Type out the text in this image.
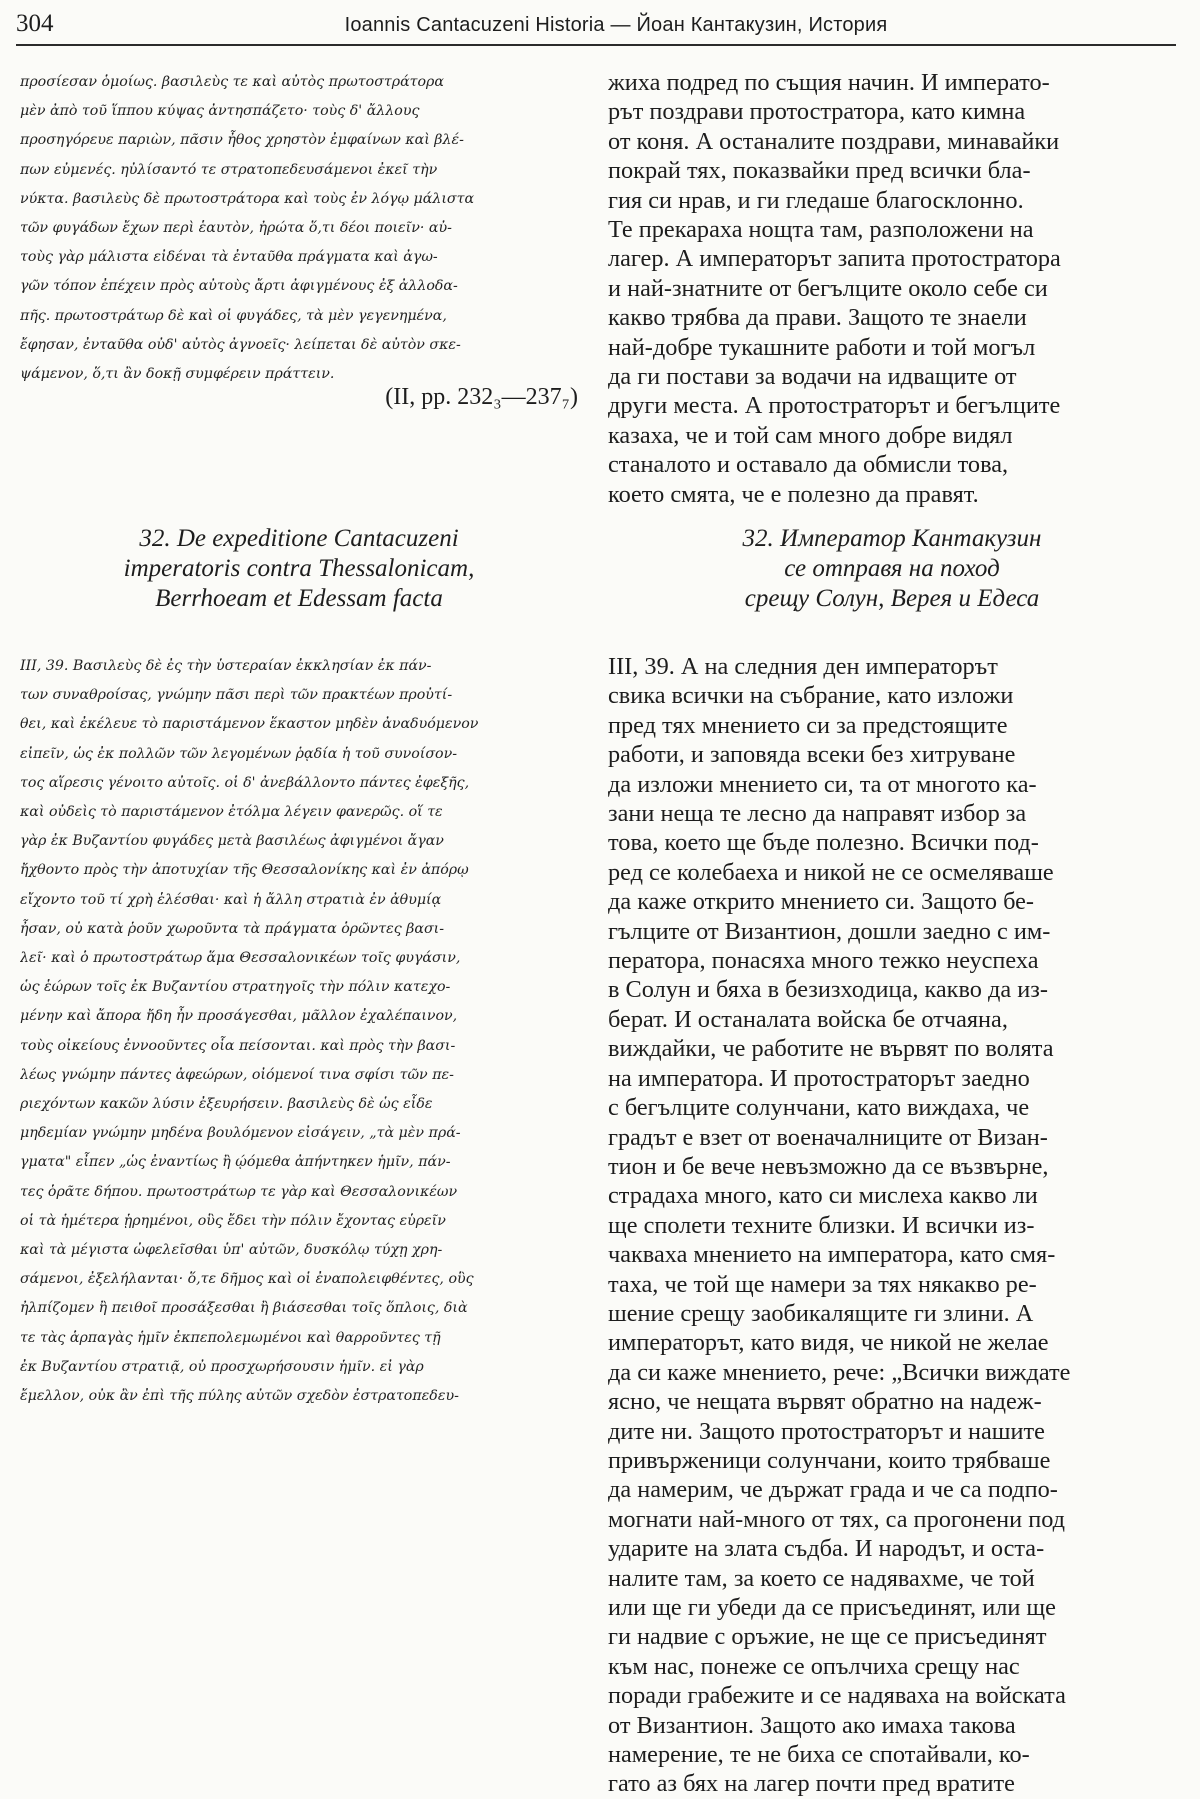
304	Ioannis Cantacuzeni Historia — Йоан Кантакузин, История
προσίεσαν ὁμοίως. βασιλεὺς τε καὶ αὐτὸς πρωτοστράτορα
μὲν ἀπὸ τοῦ ἵππου κύψας ἀντησπάζετο· τοὺς δ' ἄλλους
προσηγόρευε παριὼν, πᾶσιν ἦθος χρηστὸν ἐμφαίνων καὶ βλέ-
πων εὐμενές. ηὐλίσαντό τε στρατοπεδευσάμενοι ἐκεῖ τὴν
νύκτα. βασιλεὺς δὲ πρωτοστράτορα καὶ τοὺς ἐν λόγῳ μάλιστα
τῶν φυγάδων ἔχων περὶ ἑαυτὸν, ἠρώτα ὅ,τι δέοι ποιεῖν· αὐ-
τοὺς γὰρ μάλιστα εἰδέναι τὰ ἐνταῦθα πράγματα καὶ ἀγω-
γῶν τόπον ἐπέχειν πρὸς αὐτοὺς ἄρτι ἀφιγμένους ἐξ ἀλλοδα-
πῆς. πρωτοστράτωρ δὲ καὶ οἱ φυγάδες, τὰ μὲν γεγενημένα,
ἔφησαν, ἐνταῦθα οὐδ' αὐτὸς ἀγνοεῖς· λείπεται δὲ αὐτὸν σκε-
ψάμενον, ὅ,τι ἂν δοκῇ συμφέρειν πράττειν.
(II, pp. 232₃—237₇)
жиха подред по същия начин. И императо-
рът поздрави протостратора, като кимна
от коня. А останалите поздрави, минавайки
покрай тях, показвайки пред всички бла-
гия си нрав, и ги гледаше благосклонно.
Те прекараха нощта там, разположени на
лагер. А императорът запита протостратора
и най-знатните от бегълците около себе си
какво трябва да прави. Защото те знаели
най-добре тукашните работи и той могъл
да ги постави за водачи на идващите от
други места. А протостраторът и бегълците
казаха, че и той сам много добре видял
станалото и оставало да обмисли това,
което смята, че е полезно да правят.
32. De expeditione Cantacuzeni
imperatoris contra Thessalonicam,
Berrhoeam et Edessam facta
32. Император Кантакузин
се отправя на поход
срещу Солун, Верея и Едеса
III, 39. Βασιλεὺς δὲ ἐς τὴν ὑστεραίαν ἐκκλησίαν ἐκ πάν-
των συναθροίσας, γνώμην πᾶσι περὶ τῶν πρακτέων προὐτί-
θει, καὶ ἐκέλευε τὸ παριστάμενον ἕκαστον μηδὲν ἀναδυόμενον
εἰπεῖν, ὡς ἐκ πολλῶν τῶν λεγομένων ῥᾳδία ἡ τοῦ συνοίσον-
τος αἵρεσις γένοιτο αὐτοῖς. οἱ δ' ἀνεβάλλοντο πάντες ἐφεξῆς,
καὶ οὐδεὶς τὸ παριστάμενον ἐτόλμα λέγειν φανερῶς. οἵ τε
γὰρ ἐκ Βυζαντίου φυγάδες μετὰ βασιλέως ἀφιγμένοι ἄγαν
ἤχθοντο πρὸς τὴν ἀποτυχίαν τῆς Θεσσαλονίκης καὶ ἐν ἀπόρῳ
εἴχοντο τοῦ τί χρὴ ἑλέσθαι· καὶ ἡ ἄλλη στρατιὰ ἐν ἀθυμίᾳ
ἦσαν, οὐ κατὰ ῥοῦν χωροῦντα τὰ πράγματα ὁρῶντες βασι-
λεῖ· καὶ ὁ πρωτοστράτωρ ἅμα Θεσσαλονικέων τοῖς φυγάσιν,
ὡς ἑώρων τοῖς ἐκ Βυζαντίου στρατηγοῖς τὴν πόλιν κατεχο-
μένην καὶ ἄπορα ἤδη ἦν προσάγεσθαι, μᾶλλον ἐχαλέπαινον,
τοὺς οἰκείους ἐννοοῦντες οἷα πείσονται. καὶ πρὸς τὴν βασι-
λέως γνώμην πάντες ἀφεώρων, οἰόμενοί τινα σφίσι τῶν πε-
ριεχόντων κακῶν λύσιν ἐξευρήσειν. βασιλεὺς δὲ ὡς εἶδε
μηδεμίαν γνώμην μηδένα βουλόμενον εἰσάγειν, „τὰ μὲν πρά-
γματα" εἶπεν „ὡς ἐναντίως ἢ ῴόμεθα ἀπήντηκεν ἡμῖν, πάν-
τες ὁρᾶτε δήπου. πρωτοστράτωρ τε γὰρ καὶ Θεσσαλονικέων
οἱ τὰ ἡμέτερα ᾑρημένοι, οὓς ἔδει τὴν πόλιν ἔχοντας εὑρεῖν
καὶ τὰ μέγιστα ὠφελεῖσθαι ὑπ' αὐτῶν, δυσκόλῳ τύχῃ χρη-
σάμενοι, ἐξελήλανται· ὅ,τε δῆμος καὶ οἱ ἐναπολειφθέντες, οὓς
ἠλπίζομεν ἢ πειθοῖ προσάξεσθαι ἢ βιάσεσθαι τοῖς ὅπλοις, διὰ
τε τὰς ἁρπαγὰς ἡμῖν ἐκπεπολεμωμένοι καὶ θαρροῦντες τῇ
ἐκ Βυζαντίου στρατιᾷ, οὐ προσχωρήσουσιν ἡμῖν. εἰ γὰρ
ἔμελλον, οὐκ ἂν ἐπὶ τῆς πύλης αὐτῶν σχεδὸν ἐστρατοπεδευ-
III, 39. А на следния ден императорът
свика всички на събрание, като изложи
пред тях мнението си за предстоящите
работи, и заповяда всеки без хитруване
да изложи мнението си, та от многото ка-
зани неща те лесно да направят избор за
това, което ще бъде полезно. Всички под-
ред се колебаеха и никой не се осмеляваше
да каже открито мнението си. Защото бе-
гълците от Византион, дошли заедно с им-
ператора, понасяха много тежко неуспеха
в Солун и бяха в безизходица, какво да из-
берат. И останалата войска бе отчаяна,
виждайки, че работите не вървят по волята
на императора. И протостраторът заедно
с бегълците солунчани, като виждаха, че
градът е взет от военачалниците от Визан-
тион и бе вече невъзможно да се възвърне,
страдаха много, като си мислеха какво ли
ще сполети техните близки. И всички из-
чакваха мнението на императора, като смя-
таха, че той ще намери за тях някакво ре-
шение срещу заобикалящите ги злини. А
императорът, като видя, че никой не желае
да си каже мнението, рече: „Всички виждате
ясно, че нещата вървят обратно на надеж-
дите ни. Защото протостраторът и нашите
привърженици солунчани, които трябваше
да намерим, че държат града и че са подпо-
могнати най-много от тях, са прогонени под
ударите на злата съдба. И народът, и оста-
налите там, за което се надявахме, че той
или ще ги убеди да се присъединят, или ще
ги надвие с оръжие, не ще се присъединят
към нас, понеже се опълчиха срещу нас
поради грабежите и се надяваха на войската
от Византион. Защото ако имаха такова
намерение, те не биха се спотайвали, ко-
гато аз бях на лагер почти пред вратите
